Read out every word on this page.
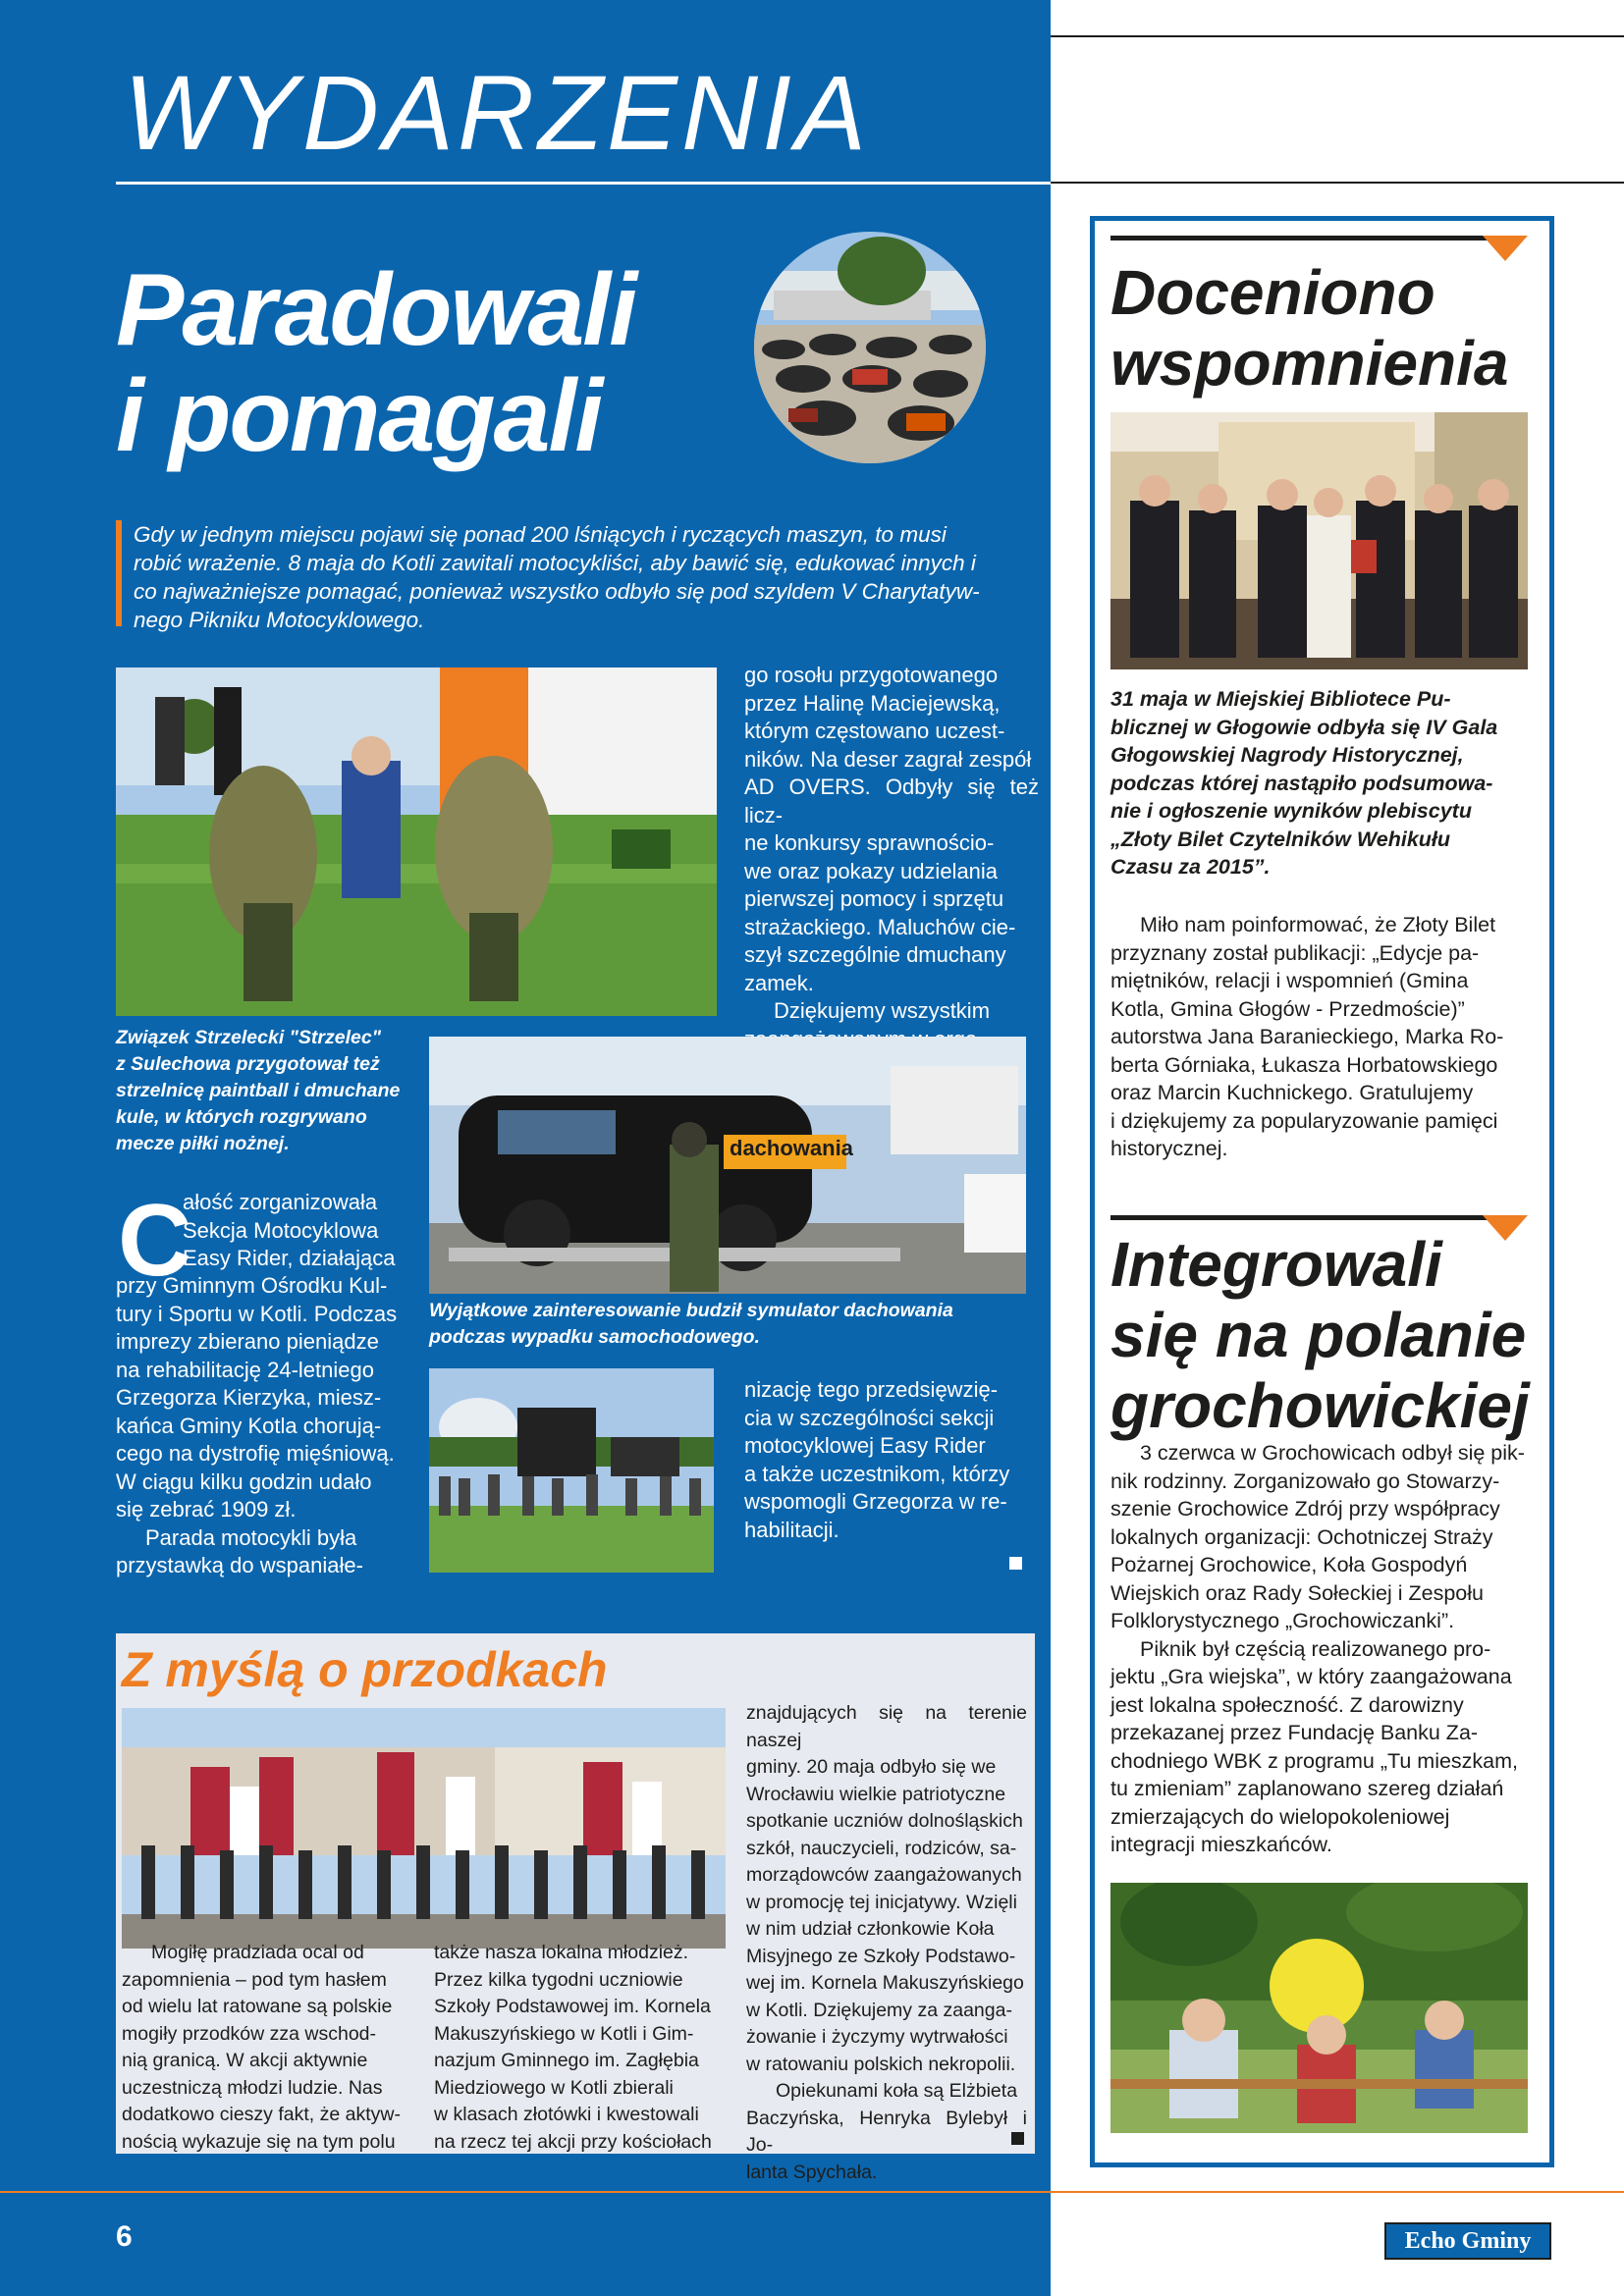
WYDARZENIA
Paradowali
i pomagali
Gdy w jednym miejscu pojawi się ponad 200 lśniących i ryczących maszyn, to musi
robić wrażenie. 8 maja do Kotli zawitali motocykliści, aby bawić się, edukować innych i
co najważniejsze pomagać, ponieważ wszystko odbyło się pod szyldem V Charytatyw-
nego Pikniku Motocyklowego.
Związek Strzelecki "Strzelec"
z Sulechowa przygotował też
strzelnicę paintball i dmuchane
kule, w których rozgrywano
mecze piłki nożnej.
go rosołu przygotowanego
przez Halinę Maciejewską,
którym częstowano uczest-
ników. Na deser zagrał zespół
AD OVERS. Odbyły się też licz-
ne konkursy sprawnościo-
we oraz pokazy udzielania
pierwszej pomocy i sprzętu
strażackiego. Maluchów cie-
szył szczególnie dmuchany
zamek.
Dziękujemy wszystkim
dachowania
Wyjątkowe zainteresowanie budził symulator dachowania
podczas wypadku samochodowego.
C
ałość zorganizowała
Sekcja Motocyklowa
Easy Rider, działająca
przy Gminnym Ośrodku Kul-
tury i Sportu w Kotli. Podczas
imprezy zbierano pieniądze
na rehabilitację 24-letniego
Grzegorza Kierzyka, miesz-
kańca Gminy Kotla chorują-
cego na dystrofię mięśniową.
W ciągu kilku godzin udało
się zebrać 1909 zł.
Parada motocykli była
przystawką do wspaniałe-
nizację tego przedsięwzię-
cia w szczególności sekcji
motocyklowej Easy Rider
a także uczestnikom, którzy
wspomogli Grzegorza w re-
habilitacji.
Z myślą o przodkach
Mogiłę pradziada ocal od
zapomnienia – pod tym hasłem
od wielu lat ratowane są polskie
mogiły przodków zza wschod-
nią granicą. W akcji aktywnie
uczestniczą młodzi ludzie. Nas
dodatkowo cieszy fakt, że aktyw-
nością wykazuje się na tym polu
także nasza lokalna młodzież.
Przez kilka tygodni uczniowie
Szkoły Podstawowej im. Kornela
Makuszyńskiego w Kotli i Gim-
nazjum Gminnego im. Zagłębia
Miedziowego w Kotli zbierali
w klasach złotówki i kwestowali
na rzecz tej akcji przy kościołach
znajdujących się na terenie naszej
gminy. 20 maja odbyło się we
Wrocławiu wielkie patriotyczne
spotkanie uczniów dolnośląskich
szkół, nauczycieli, rodziców, sa-
morządowców zaangażowanych
w promocję tej inicjatywy. Wzięli
w nim udział członkowie Koła
Misyjnego ze Szkoły Podstawo-
wej im. Kornela Makuszyńskiego
w Kotli. Dziękujemy za zaanga-
żowanie i życzymy wytrwałości
w ratowaniu polskich nekropolii.
Opiekunami koła są Elżbieta
Baczyńska, Henryka Bylebył i Jo-
lanta Spychała.
Doceniono
wspomnienia
31 maja w Miejskiej Bibliotece Pu-
blicznej w Głogowie odbyła się IV Gala
Głogowskiej Nagrody Historycznej,
podczas której nastąpiło podsumowa-
nie i ogłoszenie wyników plebiscytu
„Złoty Bilet Czytelników Wehikułu
Czasu za 2015”.
Miło nam poinformować, że Złoty Bilet
przyznany został publikacji: „Edycje pa-
miętników, relacji i wspomnień (Gmina
Kotla, Gmina Głogów - Przedmoście)”
autorstwa Jana Baranieckiego, Marka Ro-
berta Górniaka, Łukasza Horbatowskiego
oraz Marcin Kuchnickego. Gratulujemy
i dziękujemy za popularyzowanie pamięci
historycznej.
Integrowali
się na polanie
grochowickiej
3 czerwca w Grochowicach odbył się pik-
nik rodzinny. Zorganizowało go Stowarzy-
szenie Grochowice Zdrój przy współpracy
lokalnych organizacji: Ochotniczej Straży
Pożarnej Grochowice, Koła Gospodyń
Wiejskich oraz Rady Sołeckiej i Zespołu
Folklorystycznego „Grochowiczanki”.
Piknik był częścią realizowanego pro-
jektu „Gra wiejska”, w który zaangażowana
jest lokalna społeczność. Z darowizny
przekazanej przez Fundację Banku Za-
chodniego WBK z programu „Tu mieszkam,
tu zmieniam” zaplanowano szereg działań
zmierzających do wielopokoleniowej
integracji mieszkańców.
6	Echo Gminy Kotla
